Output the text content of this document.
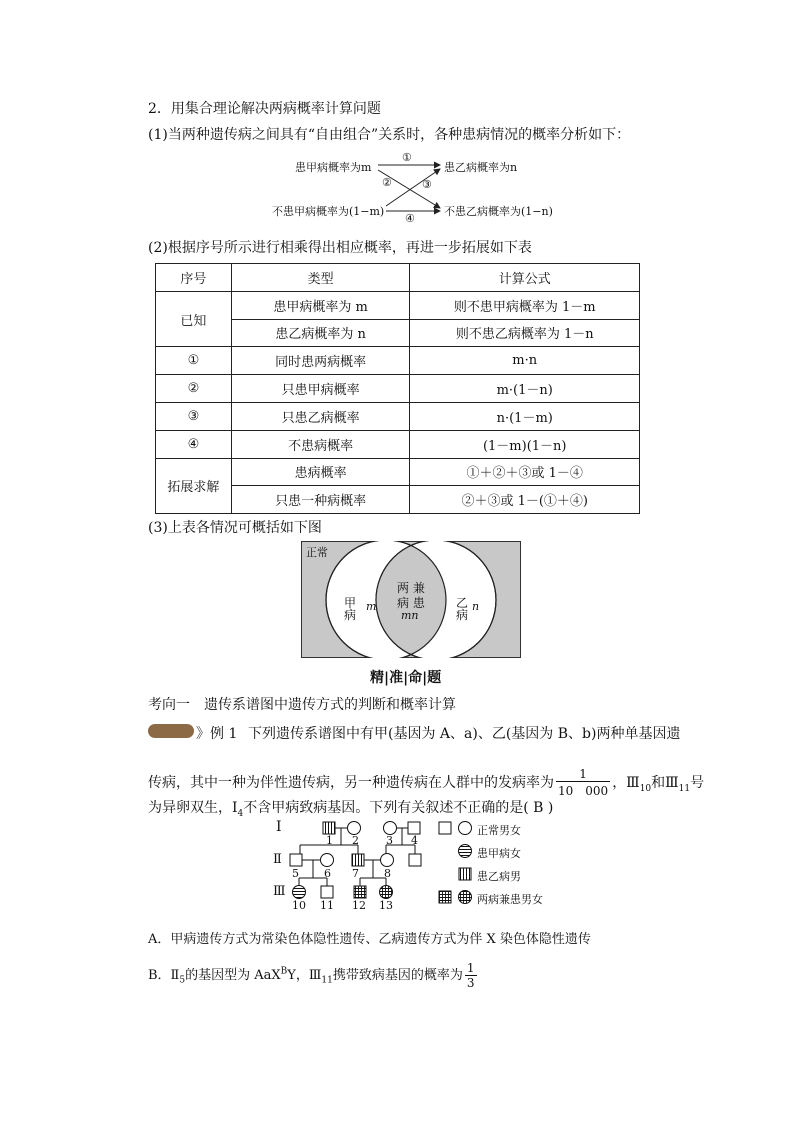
2．用集合理论解决两病概率计算问题
(1)当两种遗传病之间具有“自由组合”关系时，各种患病情况的概率分析如下：
患甲病概率为m	患乙病概率为n
不患甲病概率为(1−m)	不患乙病概率为(1−n)
①
②	③
④
(2)根据序号所示进行相乘得出相应概率，再进一步拓展如下表
序号	类型	计算公式
已知	患甲病概率为 m	则不患甲病概率为 1－m
	患乙病概率为 n	则不患乙病概率为 1－n
①	同时患两病概率	m·n
②	只患甲病概率	m·(1－n)
③	只患乙病概率	n·(1－m)
④	不患病概率	(1－m)(1－n)
拓展求解	患病概率	①＋②＋③或 1－④
	只患一种病概率	②＋③或 1－(①＋④)
(3)上表各情况可概括如下图
正常
甲
病
m
两 兼
病 患
mn
乙
病
n
精|准|命|题
考向一　遗传系谱图中遗传方式的判断和概率计算
》例 1 下列遗传系谱图中有甲(基因为 A、a)、乙(基因为 B、b)两种单基因遗
传病，其中一种为伴性遗传病，另一种遗传病在人群中的发病率为 $\frac{1}{10 000}$ ，$Ⅲ_{10}$和$Ⅲ_{11}$号
为异卵双生，$Ⅰ_4$不含甲病致病基因。下列有关叙述不正确的是( B )
Ⅰ
Ⅱ
Ⅲ
1 2 3 4
5 6 7 8
10 11 12 13
正常男女
患甲病女
患乙病男
两病兼患男女
A．甲病遗传方式为常染色体隐性遗传、乙病遗传方式为伴 X 染色体隐性遗传
B．$Ⅱ_5$的基因型为 AaX$^B$Y，$Ⅲ_{11}$携带致病基因的概率为 $\frac{1}{3}$
